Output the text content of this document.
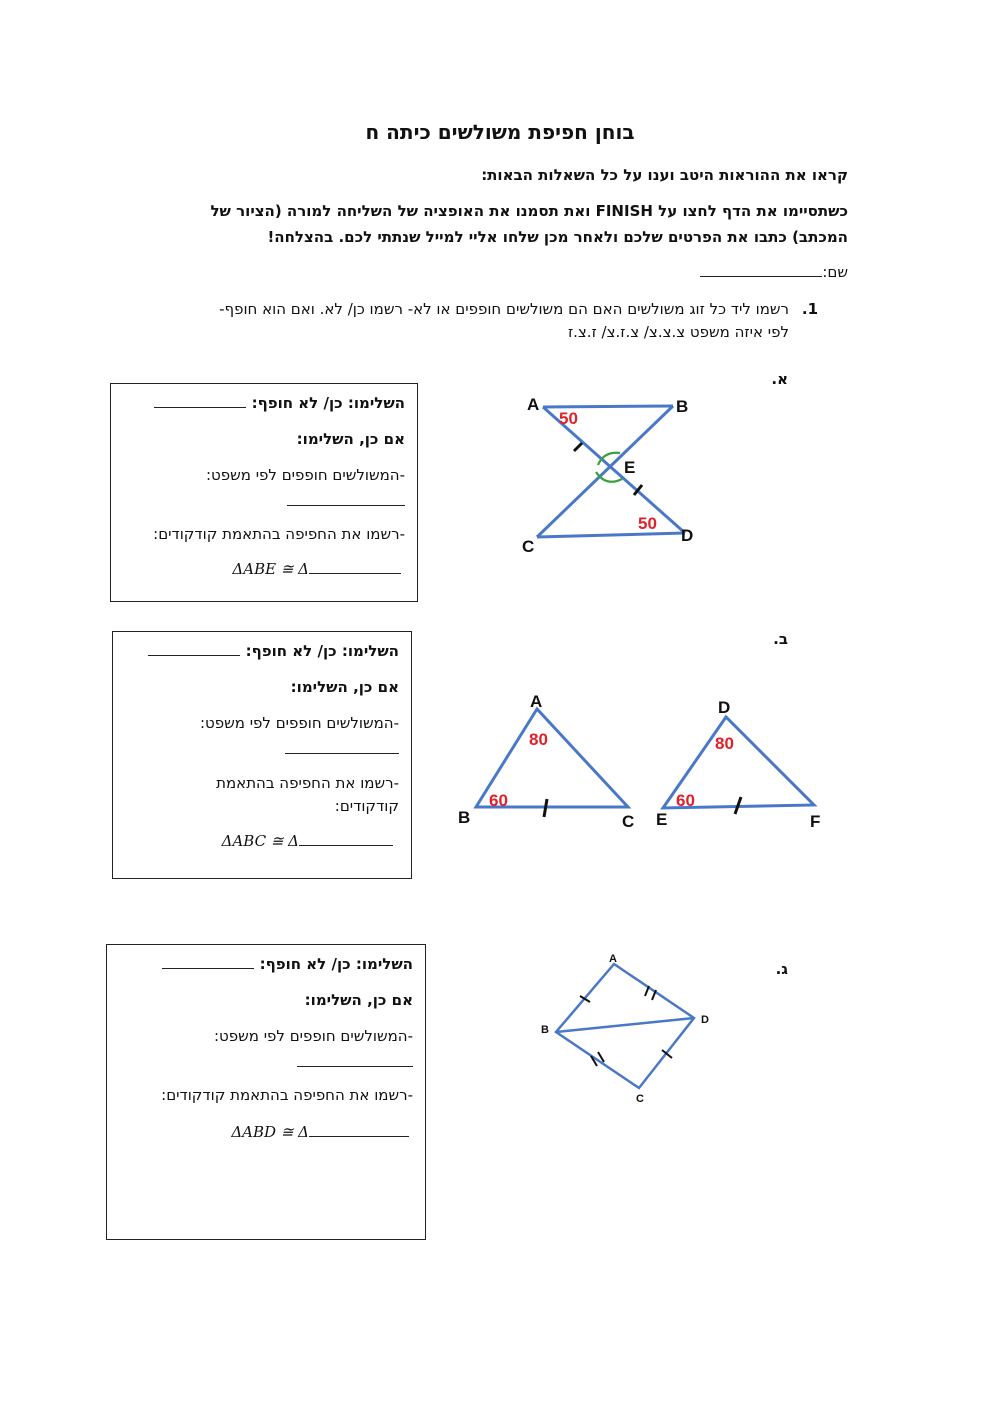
בוחן חפיפת משולשים כיתה ח
קראו את ההוראות היטב וענו על כל השאלות הבאות:
כשתסיימו את הדף לחצו על FINISH ואת תסמנו את האופציה של השליחה למורה (הציור של
המכתב) כתבו את הפרטים שלכם ולאחר מכן שלחו אליי למייל שנתתי לכם. בהצלחה!
שם:
1.
רשמו ליד כל זוג משולשים האם הם משולשים חופפים או לא- רשמו כן/ לא. ואם הוא חופף-
לפי איזה משפט צ.צ.צ/ צ.ז.צ/ ז.צ.ז
א.
ב.
ג.
השלימו: כן/ לא חופף:
אם כן, השלימו:
-המשולשים חופפים לפי משפט:
-רשמו את החפיפה בהתאמת קודקודים:
ΔABE ≅ Δ
השלימו: כן/ לא חופף:
אם כן, השלימו:
-המשולשים חופפים לפי משפט:
-רשמו את החפיפה בהתאמת
קודקודים:
ΔABC ≅ Δ
השלימו: כן/ לא חופף:
אם כן, השלימו:
-המשולשים חופפים לפי משפט:
-רשמו את החפיפה בהתאמת קודקודים:
ΔABD ≅ Δ
A	B
C
D
E
50
50
A
B	C
D
E	F
80
60
80
60
A
B
C
D
